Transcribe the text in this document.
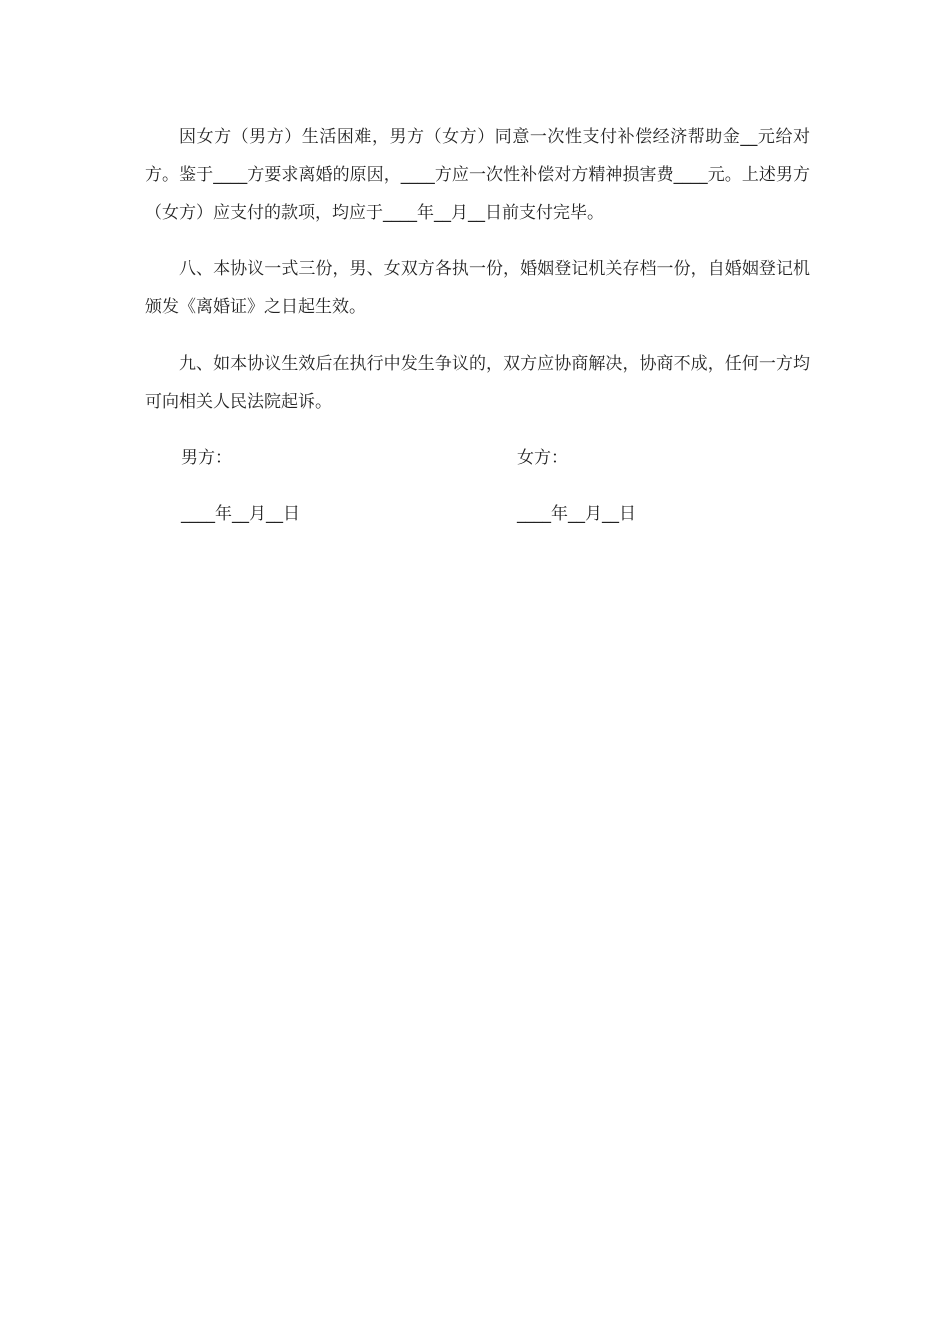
因女方（男方）生活困难，男方（女方）同意一次性支付补偿经济帮助金__元给对方。鉴于____方要求离婚的原因，____方应一次性补偿对方精神损害费____元。上述男方（女方）应支付的款项，均应于____年__月__日前支付完毕。

八、本协议一式三份，男、女双方各执一份，婚姻登记机关存档一份，自婚姻登记机颁发《离婚证》之日起生效。

九、如本协议生效后在执行中发生争议的，双方应协商解决，协商不成，任何一方均可向相关人民法院起诉。

男方：	女方：

____年__月__日	____年__月__日
